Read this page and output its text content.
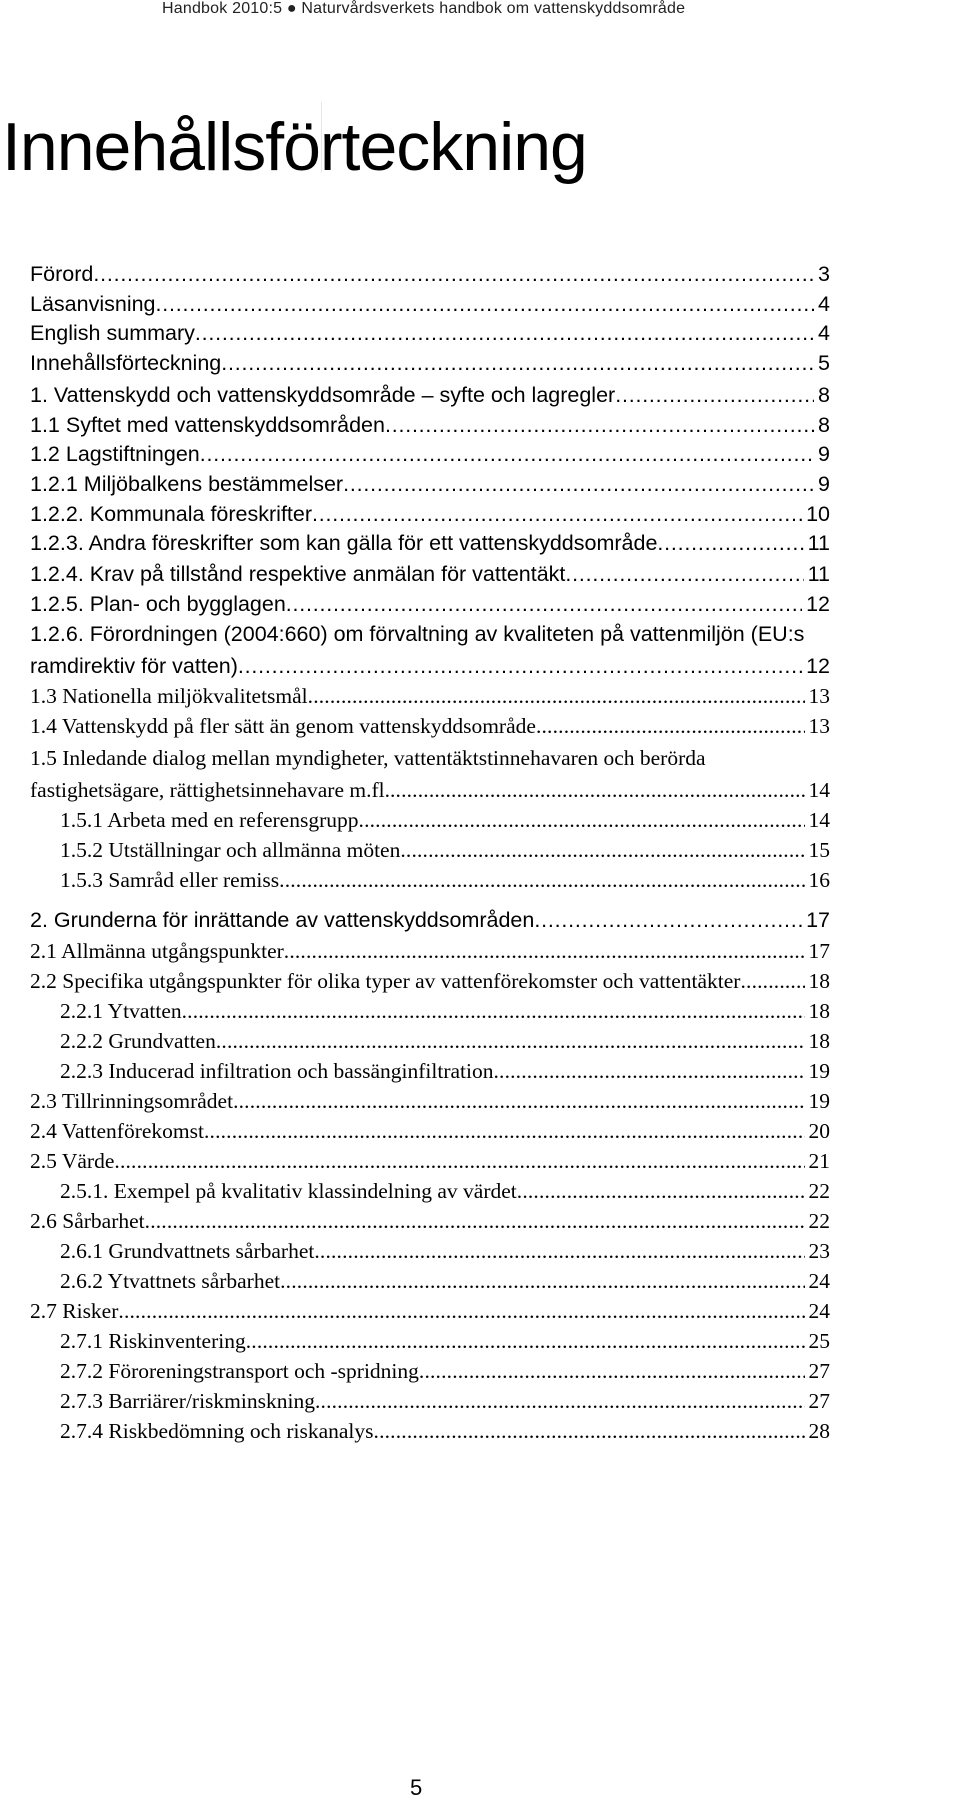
Handbok 2010:5 ● Naturvårdsverkets handbok om vattenskyddsområde
Innehållsförteckning
Förord . . .	3
Läsanvisning . . .	4
English summary . . .	4
Innehållsförteckning . . .	5
1. Vattenskydd och vattenskyddsområde – syfte och lagregler . . .	8
1.1 Syftet med vattenskyddsområden . . .	8
1.2 Lagstiftningen . . .	9
1.2.1 Miljöbalkens bestämmelser . . .	9
1.2.2. Kommunala föreskrifter . . .	10
1.2.3. Andra föreskrifter som kan gälla för ett vattenskyddsområde . . .	11
1.2.4. Krav på tillstånd respektive anmälan för vattentäkt . . .	11
1.2.5. Plan- och bygglagen . . .	12
1.2.6. Förordningen (2004:660) om förvaltning av kvaliteten på vattenmiljön (EU:s
ramdirektiv för vatten) . . .	12
1.3 Nationella miljökvalitetsmål . . .	13
1.4 Vattenskydd på fler sätt än genom vattenskyddsområde . . .	13
1.5 Inledande dialog mellan myndigheter, vattentäktstinnehavaren och berörda
fastighetsägare, rättighetsinnehavare m.fl. . . .	14
1.5.1 Arbeta med en referensgrupp . . .	14
1.5.2 Utställningar och allmänna möten . . .	15
1.5.3 Samråd eller remiss . . .	16
2. Grunderna för inrättande av vattenskyddsområden . . .	17
2.1 Allmänna utgångspunkter . . .	17
2.2 Specifika utgångspunkter för olika typer av vattenförekomster och vattentäkter . . .	18
2.2.1 Ytvatten . . .	18
2.2.2 Grundvatten . . .	18
2.2.3 Inducerad infiltration och bassänginfiltration . . .	19
2.3 Tillrinningsområdet . . .	19
2.4 Vattenförekomst . . .	20
2.5 Värde . . .	21
2.5.1. Exempel på kvalitativ klassindelning av värdet . . .	22
2.6 Sårbarhet . . .	22
2.6.1 Grundvattnets sårbarhet . . .	23
2.6.2 Ytvattnets sårbarhet . . .	24
2.7 Risker . . .	24
2.7.1 Riskinventering . . .	25
2.7.2 Föroreningstransport och -spridning . . .	27
2.7.3 Barriärer/riskminskning . . .	27
2.7.4 Riskbedömning och riskanalys . . .	28
5
